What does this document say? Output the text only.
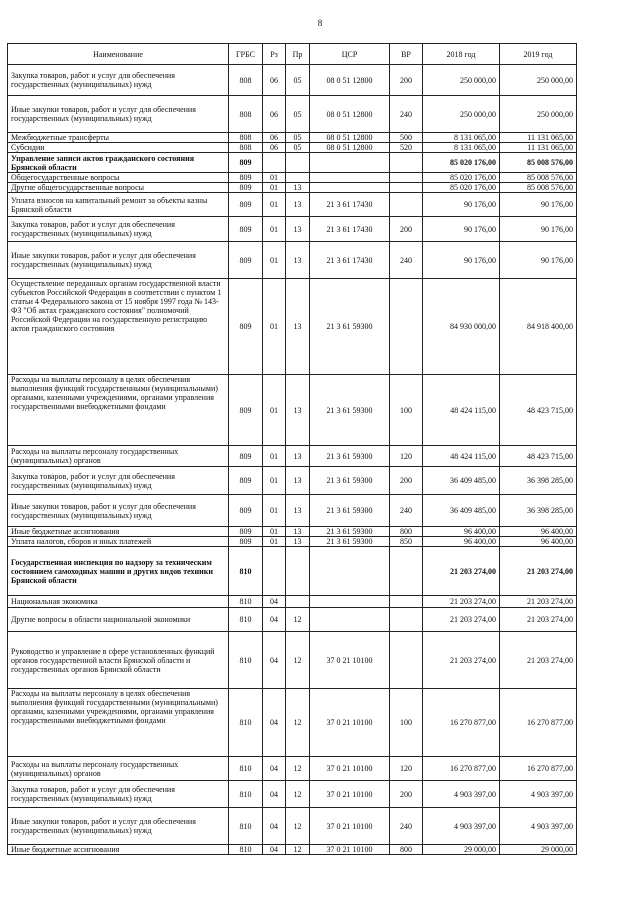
8
Наименование	ГРБС	Рз	Пр	ЦСР	ВР	2018 год	2019 год
Закупка товаров, работ и услуг для обеспечения государственных (муниципальных) нужд	808	06	05	08 0 51 12800	200	250 000,00	250 000,00
Иные закупки товаров, работ и услуг для обеспечения государственных (муниципальных) нужд	808	06	05	08 0 51 12800	240	250 000,00	250 000,00
Межбюджетные трансферты	808	06	05	08 0 51 12800	500	8 131 065,00	11 131 065,00
Субсидии	808	06	05	08 0 51 12800	520	8 131 065,00	11 131 065,00
Управление записи актов гражданского состояния Брянской области	809					85 020 176,00	85 008 576,00
Общегосударственные вопросы	809	01				85 020 176,00	85 008 576,00
Другие общегосударственные вопросы	809	01	13			85 020 176,00	85 008 576,00
Уплата взносов на капитальный ремонт за объекты казны Брянской области	809	01	13	21 3 61 17430		90 176,00	90 176,00
Закупка товаров, работ и услуг для обеспечения государственных (муниципальных) нужд	809	01	13	21 3 61 17430	200	90 176,00	90 176,00
Иные закупки товаров, работ и услуг для обеспечения государственных (муниципальных) нужд	809	01	13	21 3 61 17430	240	90 176,00	90 176,00
Осуществление переданных органам государственной власти субъектов Российской Федерации в соответствии с пунктом 1 статьи 4 Федерального закона от 15 ноября 1997 года № 143-ФЗ "Об актах гражданского состояния" полномочий Российской Федерации на государственную регистрацию актов гражданского состояния	809	01	13	21 3 61 59300		84 930 000,00	84 918 400,00
Расходы на выплаты персоналу в целях обеспечения выполнения функций государственными (муниципальными) органами, казенными учреждениями, органами управления государственными внебюджетными фондами	809	01	13	21 3 61 59300	100	48 424 115,00	48 423 715,00
Расходы на выплаты персоналу государственных (муниципальных) органов	809	01	13	21 3 61 59300	120	48 424 115,00	48 423 715,00
Закупка товаров, работ и услуг для обеспечения государственных (муниципальных) нужд	809	01	13	21 3 61 59300	200	36 409 485,00	36 398 285,00
Иные закупки товаров, работ и услуг для обеспечения государственных (муниципальных) нужд	809	01	13	21 3 61 59300	240	36 409 485,00	36 398 285,00
Иные бюджетные ассигнования	809	01	13	21 3 61 59300	800	96 400,00	96 400,00
Уплата налогов, сборов и иных платежей	809	01	13	21 3 61 59300	850	96 400,00	96 400,00
Государственная инспекция по надзору за техническим состоянием самоходных машин и других видов техники Брянской области	810					21 203 274,00	21 203 274,00
Национальная экономика	810	04				21 203 274,00	21 203 274,00
Другие вопросы в области национальной экономики	810	04	12			21 203 274,00	21 203 274,00
Руководство и управление в сфере установленных функций органов государственной власти Брянской области и государственных органов Брянской области	810	04	12	37 0 21 10100		21 203 274,00	21 203 274,00
Расходы на выплаты персоналу в целях обеспечения выполнения функций государственными (муниципальными) органами, казенными учреждениями, органами управления государственными внебюджетными фондами	810	04	12	37 0 21 10100	100	16 270 877,00	16 270 877,00
Расходы на выплаты персоналу государственных (муниципальных) органов	810	04	12	37 0 21 10100	120	16 270 877,00	16 270 877,00
Закупка товаров, работ и услуг для обеспечения государственных (муниципальных) нужд	810	04	12	37 0 21 10100	200	4 903 397,00	4 903 397,00
Иные закупки товаров, работ и услуг для обеспечения государственных (муниципальных) нужд	810	04	12	37 0 21 10100	240	4 903 397,00	4 903 397,00
Иные бюджетные ассигнования	810	04	12	37 0 21 10100	800	29 000,00	29 000,00
